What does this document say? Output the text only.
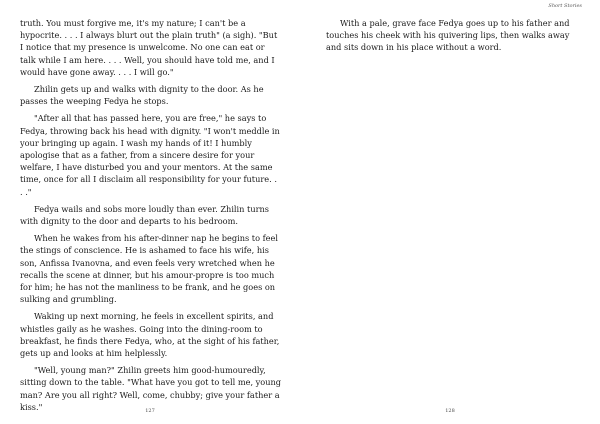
truth. You must forgive me, it's my nature; I can't be a hypocrite. . . . I always blurt out the plain truth" (a sigh). "But I notice that my presence is unwelcome. No one can eat or talk while I am here. . . . Well, you should have told me, and I would have gone away. . . . I will go."

Zhilin gets up and walks with dignity to the door. As he passes the weeping Fedya he stops.

"After all that has passed here, you are free," he says to Fedya, throwing back his head with dignity. "I won't meddle in your bringing up again. I wash my hands of it! I humbly apologise that as a father, from a sincere desire for your welfare, I have disturbed you and your mentors. At the same time, once for all I disclaim all responsibility for your future. . . ."

Fedya wails and sobs more loudly than ever. Zhilin turns with dignity to the door and departs to his bedroom.

When he wakes from his after-dinner nap he begins to feel the stings of conscience. He is ashamed to face his wife, his son, Anfissa Ivanovna, and even feels very wretched when he recalls the scene at dinner, but his amour-propre is too much for him; he has not the manliness to be frank, and he goes on sulking and grumbling.

Waking up next morning, he feels in excellent spirits, and whistles gaily as he washes. Going into the dining-room to breakfast, he finds there Fedya, who, at the sight of his father, gets up and looks at him helplessly.

"Well, young man?" Zhilin greets him good-humouredly, sitting down to the table. "What have you got to tell me, young man? Are you all right? Well, come, chubby; give your father a kiss."	127
Short Stories

With a pale, grave face Fedya goes up to his father and touches his cheek with his quivering lips, then walks away and sits down in his place without a word.

128
